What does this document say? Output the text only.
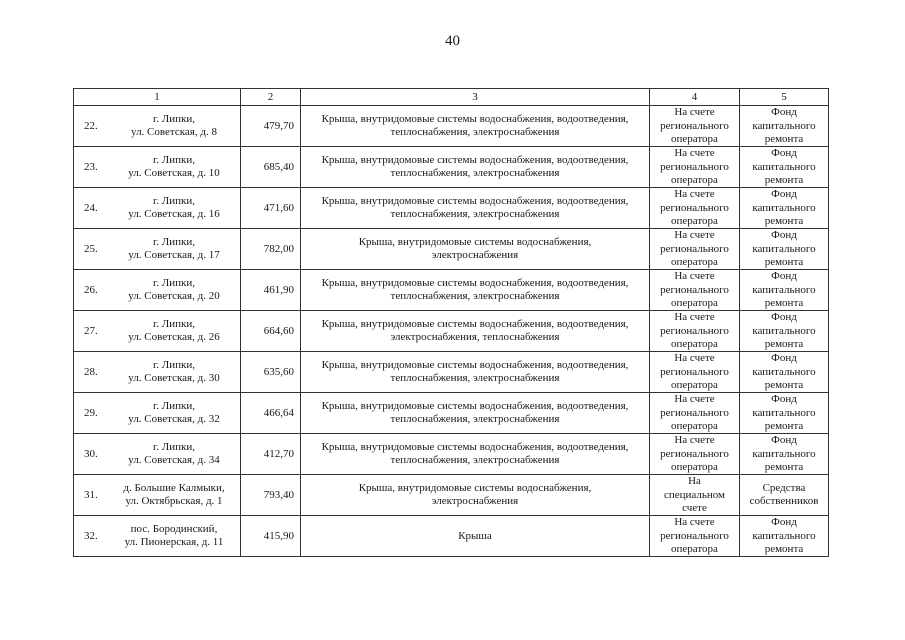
40
1	2	3	4	5

22.
г. Липки,
ул. Советская, д. 8	479,70	Крыша, внутридомовые системы водоснабжения, водоотведения,
теплоснабжения, электроснабжения	На счете
регионального
оператора	Фонд
капитального
ремонта

23.
г. Липки,
ул. Советская, д. 10	685,40	Крыша, внутридомовые системы водоснабжения, водоотведения,
теплоснабжения, электроснабжения	На счете
регионального
оператора	Фонд
капитального
ремонта

24.
г. Липки,
ул. Советская, д. 16	471,60	Крыша, внутридомовые системы водоснабжения, водоотведения,
теплоснабжения, электроснабжения	На счете
регионального
оператора	Фонд
капитального
ремонта

25.
г. Липки,
ул. Советская, д. 17	782,00	Крыша, внутридомовые системы водоснабжения,
электроснабжения	На счете
регионального
оператора	Фонд
капитального
ремонта

26.
г. Липки,
ул. Советская, д. 20	461,90	Крыша, внутридомовые системы водоснабжения, водоотведения,
теплоснабжения, электроснабжения	На счете
регионального
оператора	Фонд
капитального
ремонта

27.
г. Липки,
ул. Советская, д. 26	664,60	Крыша, внутридомовые системы водоснабжения, водоотведения,
электроснабжения, теплоснабжения	На счете
регионального
оператора	Фонд
капитального
ремонта

28.
г. Липки,
ул. Советская, д. 30	635,60	Крыша, внутридомовые системы водоснабжения, водоотведения,
теплоснабжения, электроснабжения	На счете
регионального
оператора	Фонд
капитального
ремонта

29.
г. Липки,
ул. Советская, д. 32	466,64	Крыша, внутридомовые системы водоснабжения, водоотведения,
теплоснабжения, электроснабжения	На счете
регионального
оператора	Фонд
капитального
ремонта

30.
г. Липки,
ул. Советская, д. 34	412,70	Крыша, внутридомовые системы водоснабжения, водоотведения,
теплоснабжения, электроснабжения	На счете
регионального
оператора	Фонд
капитального
ремонта

31.
д. Большие Калмыки,
ул. Октябрьская, д. 1	793,40	Крыша, внутридомовые системы водоснабжения,
электроснабжения	На
специальном
счете	Средства
собственников

32.
пос. Бородинский,
ул. Пионерская, д. 11	415,90	Крыша	На счете
регионального
оператора	Фонд
капитального
ремонта
